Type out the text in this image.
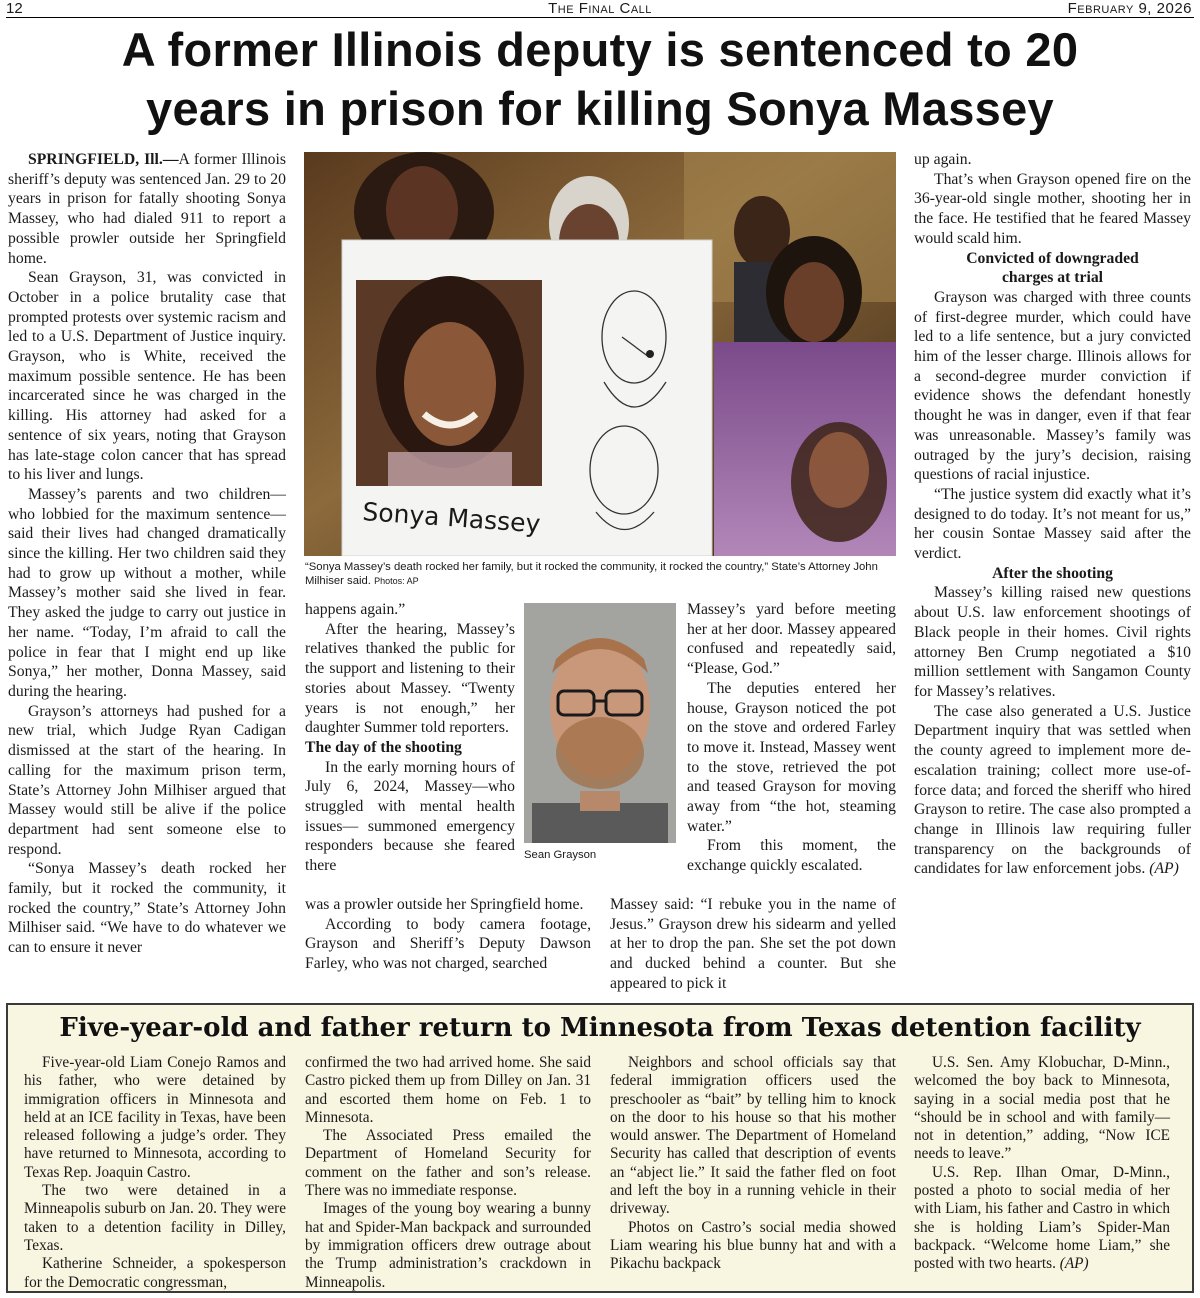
12	The Final Call	February 9, 2026
A former Illinois deputy is sentenced to 20
years in prison for killing Sonya Massey

SPRINGFIELD, Ill.—A former Illinois sheriff’s deputy was sentenced Jan. 29 to 20 years in prison for fatally shooting Sonya Massey, who had dialed 911 to report a possible prowler outside her Springfield home.

Sean Grayson, 31, was convicted in October in a police brutality case that prompted protests over systemic racism and led to a U.S. Department of Justice inquiry. Grayson, who is White, received the maximum possible sentence. He has been incarcerated since he was charged in the killing. His attorney had asked for a sentence of six years, noting that Grayson has late-stage colon cancer that has spread to his liver and lungs.

Massey’s parents and two children—who lobbied for the maximum sentence—said their lives had changed dramatically since the killing. Her two children said they had to grow up without a mother, while Massey’s mother said she lived in fear. They asked the judge to carry out justice in her name. “Today, I’m afraid to call the police in fear that I might end up like Sonya,” her mother, Donna Massey, said during the hearing.

Grayson’s attorneys had pushed for a new trial, which Judge Ryan Cadigan dismissed at the start of the hearing. In calling for the maximum prison term, State’s Attorney John Milhiser argued that Massey would still be alive if the police department had sent someone else to respond.

“Sonya Massey’s death rocked her family, but it rocked the community, it rocked the country,” State’s Attorney John Milhiser said. “We have to do whatever we can to ensure it never

Sonya Massey
“Sonya Massey’s death rocked her family, but it rocked the community, it rocked the country,” State’s Attorney John Milhiser said. Photos: AP

happens again.”

After the hearing, Massey’s relatives thanked the public for the support and listening to their stories about Massey. “Twenty years is not enough,” her daughter Summer told reporters.

The day of the shooting

In the early morning hours of July 6, 2024, Massey—who struggled with mental health issues— summoned emergency responders because she feared there

was a prowler outside her Springfield home.

According to body camera footage, Grayson and Sheriff’s Deputy Dawson Farley, who was not charged, searched

Sean Grayson

Massey’s yard before meeting her at her door. Massey appeared confused and repeatedly said, “Please, God.”

The deputies entered her house, Grayson noticed the pot on the stove and ordered Farley to move it. Instead, Massey went to the stove, retrieved the pot and teased Grayson for moving away from “the hot, steaming water.”

From this moment, the exchange quickly escalated.

Massey said: “I rebuke you in the name of Jesus.” Grayson drew his sidearm and yelled at her to drop the pan. She set the pot down and ducked behind a counter. But she appeared to pick it

up again.

That’s when Grayson opened fire on the 36-year-old single mother, shooting her in the face. He testified that he feared Massey would scald him.

Convicted of downgraded

charges at trial

Grayson was charged with three counts of first-degree murder, which could have led to a life sentence, but a jury convicted him of the lesser charge. Illinois allows for a second-degree murder conviction if evidence shows the defendant honestly thought he was in danger, even if that fear was unreasonable. Massey’s family was outraged by the jury’s decision, raising questions of racial injustice.

“The justice system did exactly what it’s designed to do today. It’s not meant for us,” her cousin Sontae Massey said after the verdict.

After the shooting

Massey’s killing raised new questions about U.S. law enforcement shootings of Black people in their homes. Civil rights attorney Ben Crump negotiated a $10 million settlement with Sangamon County for Massey’s relatives.

The case also generated a U.S. Justice Department inquiry that was settled when the county agreed to implement more de-escalation training; collect more use-of-force data; and forced the sheriff who hired Grayson to retire. The case also prompted a change in Illinois law requiring fuller transparency on the backgrounds of candidates for law enforcement jobs. (AP)

Five-year-old and father return to Minnesota from Texas detention facility

Five-year-old Liam Conejo Ramos and his father, who were detained by immigration officers in Minnesota and held at an ICE facility in Texas, have been released following a judge’s order. They have returned to Minnesota, according to Texas Rep. Joaquin Castro.

The two were detained in a Minneapolis suburb on Jan. 20. They were taken to a detention facility in Dilley, Texas.

Katherine Schneider, a spokesperson for the Democratic congressman,

confirmed the two had arrived home. She said Castro picked them up from Dilley on Jan. 31 and escorted them home on Feb. 1 to Minnesota.

The Associated Press emailed the Department of Homeland Security for comment on the father and son’s release. There was no immediate response.

Images of the young boy wearing a bunny hat and Spider-Man backpack and surrounded by immigration officers drew outrage about the Trump administration’s crackdown in Minneapolis.

Neighbors and school officials say that federal immigration officers used the preschooler as “bait” by telling him to knock on the door to his house so that his mother would answer. The Department of Homeland Security has called that description of events an “abject lie.” It said the father fled on foot and left the boy in a running vehicle in their driveway.

Photos on Castro’s social media showed Liam wearing his blue bunny hat and with a Pikachu backpack

U.S. Sen. Amy Klobuchar, D-Minn., welcomed the boy back to Minnesota, saying in a social media post that he “should be in school and with family—not in detention,” adding, “Now ICE needs to leave.”

U.S. Rep. Ilhan Omar, D-Minn., posted a photo to social media of her with Liam, his father and Castro in which she is holding Liam’s Spider-Man backpack. “Welcome home Liam,” she posted with two hearts. (AP)
